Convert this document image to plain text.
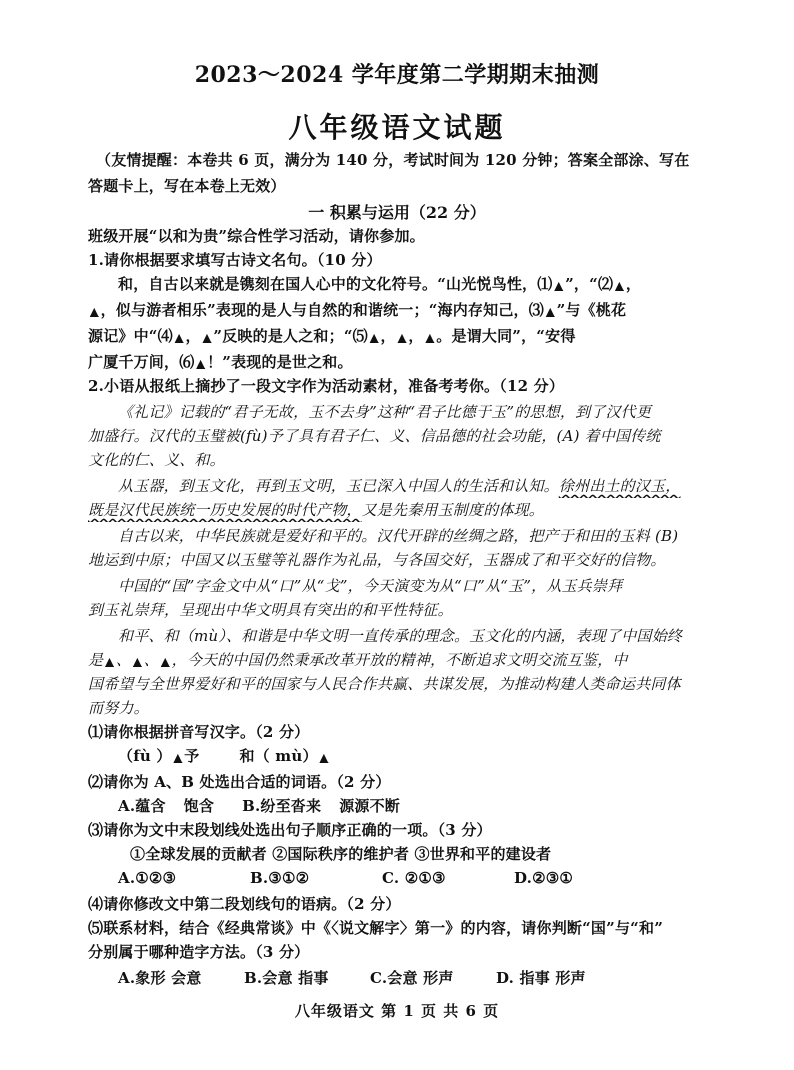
2023～2024 学年度第二学期期末抽测
八年级语文试题
（友情提醒：本卷共 6 页，满分为 140 分，考试时间为 120 分钟；答案全部涂、写在
答题卡上，写在本卷上无效）
一 积累与运用（22 分）
班级开展“以和为贵”综合性学习活动，请你参加。
1.请你根据要求填写古诗文名句。（10 分）
和，自古以来就是镌刻在国人心中的文化符号。“山光悦鸟性，⑴ ▲ ”，“⑵ ▲ ，
▲ ，似与游者相乐”表现的是人与自然的和谐统一；“海内存知己，⑶ ▲ ”与《桃花
源记》中“⑷ ▲ ， ▲ ”反映的是人之和；“⑸ ▲ ， ▲ ， ▲ 。是谓大同”，“安得
广厦千万间，⑹ ▲ ！”表现的是世之和。
2.小语从报纸上摘抄了一段文字作为活动素材，准备考考你。（12 分）
《礼记》记载的“君子无故，玉不去身”这种“君子比德于玉”的思想，到了汉代更
加盛行。汉代的玉璧被(fù)予了具有君子仁、义、信品德的社会功能，(A) 着中国传统
文化的仁、义、和。
从玉器，到玉文化，再到玉文明，玉已深入中国人的生活和认知。徐州出土的汉玉，
既是汉代民族统一历史发展的时代产物，又是先秦用玉制度的体现。
自古以来，中华民族就是爱好和平的。汉代开辟的丝绸之路，把产于和田的玉料 (B)
地运到中原；中国又以玉璧等礼器作为礼品，与各国交好，玉器成了和平交好的信物。
中国的“国”字金文中从“口”从“戈”，今天演变为从“口”从“玉”，从玉兵崇拜
到玉礼崇拜，呈现出中华文明具有突出的和平性特征。
和平、和（mù）、和谐是中华文明一直传承的理念。玉文化的内涵，表现了中国始终
是 ▲ 、 ▲ 、 ▲ ，今天的中国仍然秉承改革开放的精神，不断追求文明交流互鉴，中
国希望与全世界爱好和平的国家与人民合作共赢、共谋发展，为推动构建人类命运共同体
而努力。
⑴请你根据拼音写汉字。（2 分）
（fù ） ▲ 予	和（ mù） ▲
⑵请你为 A、B 处选出合适的词语。（2 分）
A.蕴含 饱含 B.纷至沓来 源源不断
⑶请你为文中末段划线处选出句子顺序正确的一项。（3 分）
①全球发展的贡献者 ②国际秩序的维护者 ③世界和平的建设者
A.①②③	B.③①②	C. ②①③	D.②③①
⑷请你修改文中第二段划线句的语病。（2 分）
⑸联系材料，结合《经典常谈》中《〈说文解字〉第一》的内容，请你判断“国”与“和”
分别属于哪种造字方法。（3 分）
A.象形 会意	B.会意 指事	C.会意 形声	D. 指事 形声
八年级语文 第 1 页 共 6 页
